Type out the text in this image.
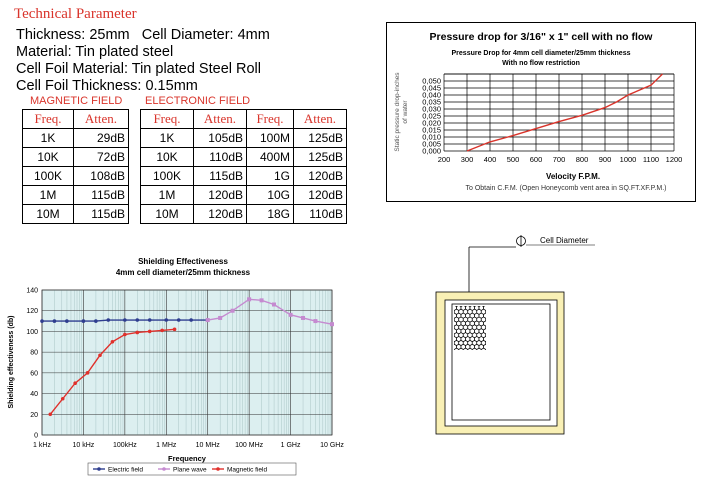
Technical Parameter
Thickness: 25mm Cell Diameter: 4mm
Material: Tin plated steel
Cell Foil Material: Tin plated Steel Roll
Cell Foil Thickness: 0.15mm
MAGNETIC FIELD ELECTRONIC FIELD
Freq.	Atten.
1K	29dB
10K	72dB
100K	108dB
1M	115dB
10M	115dB
Freq.	Atten.	Freq.	Atten.
1K	105dB	100M	125dB
10K	110dB	400M	125dB
100K	115dB	1G	120dB
1M	120dB	10G	120dB
10M	120dB	18G	110dB
Pressure drop for 3/16" x 1" cell with no flow
Pressure Drop for 4mm cell diameter/25mm thickness
With no flow restriction
0,000
0,005
0,010
0,015
0,020
0,025
0,030
0,035
0,040
0,045
0,050
200 300 400 500 600 700 800 900 1000 1100 1200
Static pressure drop-inches of water
Velocity F.P.M.
To Obtain C.F.M. (Open Honeycomb vent area in SQ.FT.XF.P.M.)
Shielding Effectiveness
4mm cell diameter/25mm thickness
0
20
40
60
80
100
120
140
1 kHz	10 kHz	100kHz	1 MHz	10 MHz 100 MHz 1 GHz	10 GHz
Shielding effectiveness (db)
Frequency
Electric field	Plane wave	Magnetic field
Cell Diameter
